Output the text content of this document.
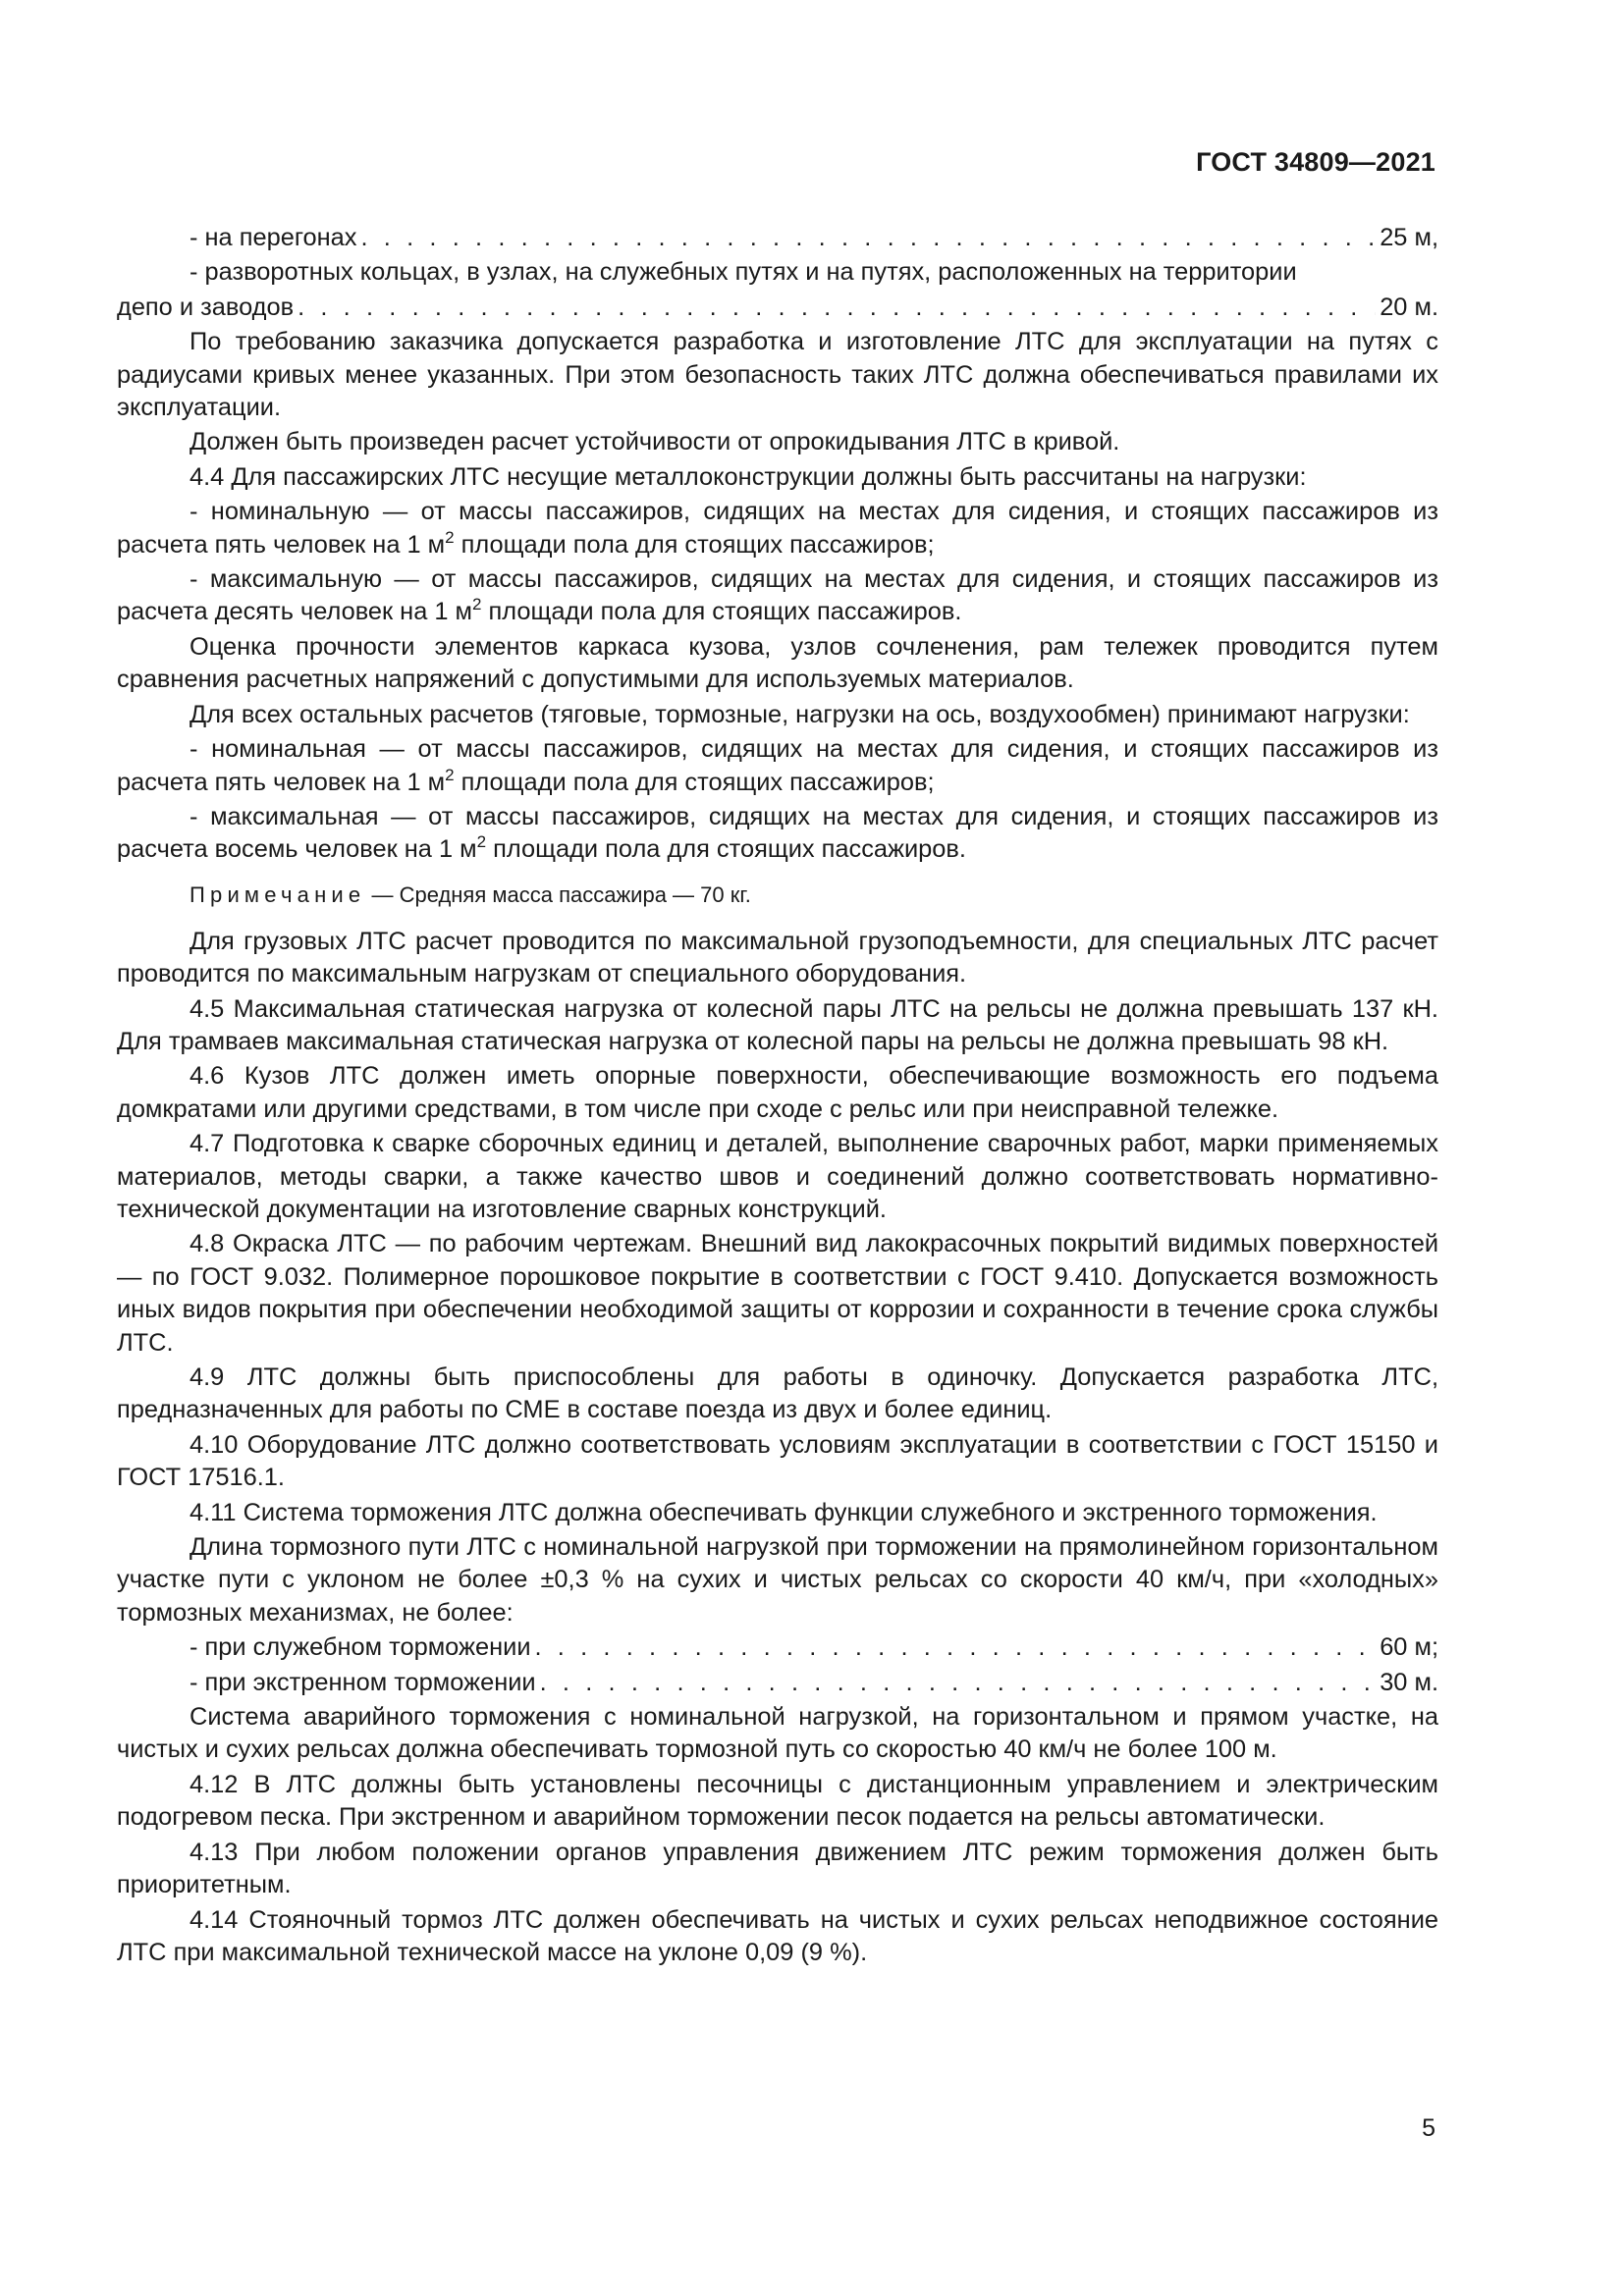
ГОСТ 34809—2021
- на перегонах . . .	25 м,

- разворотных кольцах, в узлах, на служебных путях и на путях, расположенных на территории

депо и заводов . . .	20 м.

По требованию заказчика допускается разработка и изготовление ЛТС для эксплуатации на путях с радиусами кривых менее указанных. При этом безопасность таких ЛТС должна обеспечиваться правилами их эксплуатации.

Должен быть произведен расчет устойчивости от опрокидывания ЛТС в кривой.

4.4 Для пассажирских ЛТС несущие металлоконструкции должны быть рассчитаны на нагрузки:

- номинальную — от массы пассажиров, сидящих на местах для сидения, и стоящих пассажиров из расчета пять человек на 1 $м^2$ площади пола для стоящих пассажиров;

- максимальную — от массы пассажиров, сидящих на местах для сидения, и стоящих пассажиров из расчета десять человек на 1 $м^2$ площади пола для стоящих пассажиров.

Оценка прочности элементов каркаса кузова, узлов сочленения, рам тележек проводится путем сравнения расчетных напряжений с допустимыми для используемых материалов.

Для всех остальных расчетов (тяговые, тормозные, нагрузки на ось, воздухообмен) принимают нагрузки:

- номинальная — от массы пассажиров, сидящих на местах для сидения, и стоящих пассажиров из расчета пять человек на 1 $м^2$ площади пола для стоящих пассажиров;

- максимальная — от массы пассажиров, сидящих на местах для сидения, и стоящих пассажиров из расчета восемь человек на 1 $м^2$ площади пола для стоящих пассажиров.

Примечание — Средняя масса пассажира — 70 кг.

Для грузовых ЛТС расчет проводится по максимальной грузоподъемности, для специальных ЛТС расчет проводится по максимальным нагрузкам от специального оборудования.

4.5 Максимальная статическая нагрузка от колесной пары ЛТС на рельсы не должна превышать 137 кН. Для трамваев максимальная статическая нагрузка от колесной пары на рельсы не должна превышать 98 кН.

4.6 Кузов ЛТС должен иметь опорные поверхности, обеспечивающие возможность его подъема домкратами или другими средствами, в том числе при сходе с рельс или при неисправной тележке.

4.7 Подготовка к сварке сборочных единиц и деталей, выполнение сварочных работ, марки применяемых материалов, методы сварки, а также качество швов и соединений должно соответствовать нормативно-технической документации на изготовление сварных конструкций.

4.8 Окраска ЛТС — по рабочим чертежам. Внешний вид лакокрасочных покрытий видимых поверхностей — по ГОСТ 9.032. Полимерное порошковое покрытие в соответствии с ГОСТ 9.410. Допускается возможность иных видов покрытия при обеспечении необходимой защиты от коррозии и сохранности в течение срока службы ЛТС.

4.9 ЛТС должны быть приспособлены для работы в одиночку. Допускается разработка ЛТС, предназначенных для работы по СМЕ в составе поезда из двух и более единиц.

4.10 Оборудование ЛТС должно соответствовать условиям эксплуатации в соответствии с ГОСТ 15150 и ГОСТ 17516.1.

4.11 Система торможения ЛТС должна обеспечивать функции служебного и экстренного торможения.

Длина тормозного пути ЛТС с номинальной нагрузкой при торможении на прямолинейном горизонтальном участке пути с уклоном не более ±0,3 % на сухих и чистых рельсах со скорости 40 км/ч, при «холодных» тормозных механизмах, не более:

- при служебном торможении . . .	60 м;
- при экстренном торможении . . .	30 м.

Система аварийного торможения с номинальной нагрузкой, на горизонтальном и прямом участке, на чистых и сухих рельсах должна обеспечивать тормозной путь со скоростью 40 км/ч не более 100 м.

4.12 В ЛТС должны быть установлены песочницы с дистанционным управлением и электрическим подогревом песка. При экстренном и аварийном торможении песок подается на рельсы автоматически.

4.13 При любом положении органов управления движением ЛТС режим торможения должен быть приоритетным.

4.14 Стояночный тормоз ЛТС должен обеспечивать на чистых и сухих рельсах неподвижное состояние ЛТС при максимальной технической массе на уклоне 0,09 (9 %).

5
